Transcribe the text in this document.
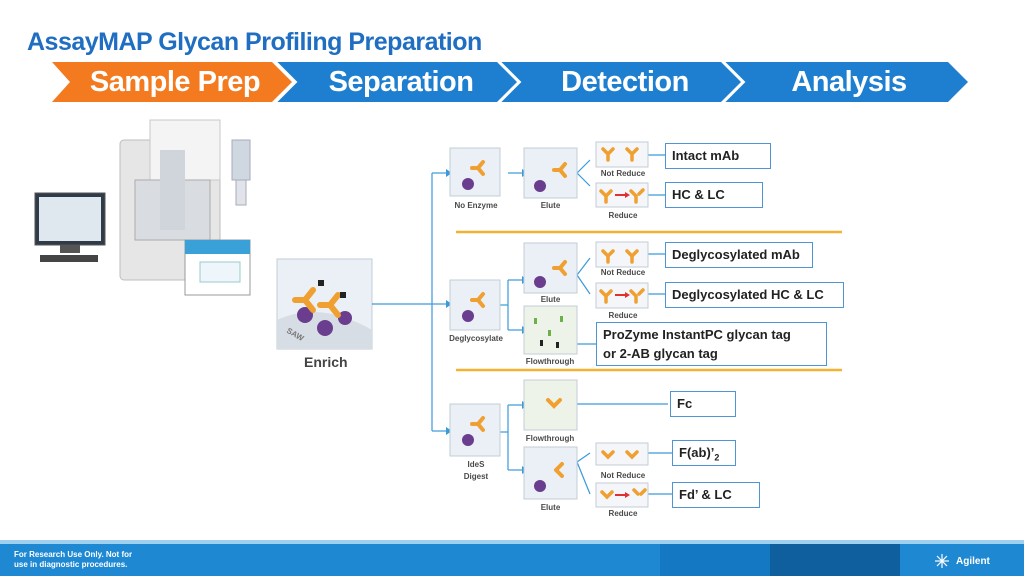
AssayMAP Glycan Profiling Preparation
Sample Prep	Separation	Detection	Analysis
SAW
Enrich
No Enzyme	Elute
Not Reduce
Reduce
Deglycosylate
Elute
Flowthrough
Not Reduce
Reduce
IdeS
Digest
Flowthrough
Elute
Not Reduce
Reduce
Intact mAb
HC & LC
Deglycosylated mAb
Deglycosylated HC & LC
ProZyme InstantPC glycan tag
or 2-AB glycan tag
Fc
$F(ab)’_2$
Fd’ & LC
For Research Use Only. Not for
use in diagnostic procedures.	Agilent
